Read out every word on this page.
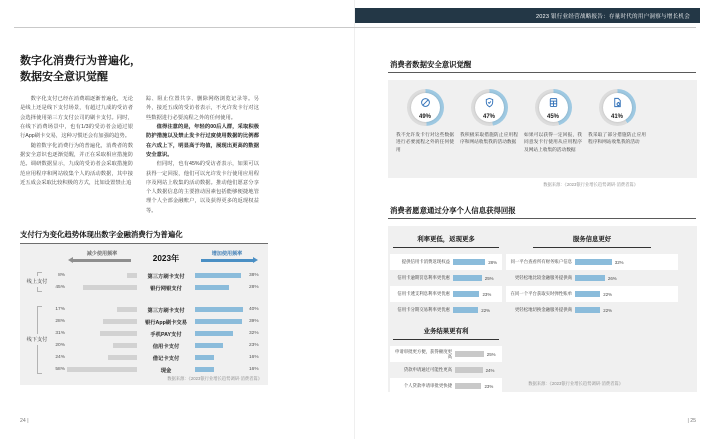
2023 银行业经营战略报告：存量时代的用户洞察与增长机会
数字化消费行为普遍化，
数据安全意识觉醒

数字化支付已经在消费端逐渐普遍化，无论是线上还是线下支付场景，有超过九成的受访者会选择使用第三方支付公司的刷卡支付。同时，在线下消费场景中，也有1/3的受访者会通过银行App刷卡交易，这种习惯还会有加强的趋势。

随着数字化消费行为的普遍化，消费者的数据安全意识也逐渐觉醒，并正在采取相应措施防范。调研数据显示，九成的受访者会采取措施防范应用程序和网站收集个人的活动数据，其中接近五成会采取比较积极的方式，比如设置禁止追

踪、阻止位置共享、删除网络浏览记录等。另外，接近五成的受访者表示，不允许发卡行对这些数据进行必要流程之外的任何使用。

值得注意的是，年轻的00后人群，采取积极防护措施以及禁止发卡行过度使用数据的比例都在六成上下，明显高于均值，展现出更高的数据安全意识。

但同时，也有45%的受访者表示，如果可以获得一定回报，他们可以允许发卡行使用应用程序及网站上收集的活动数据。推动他们愿意分享个人数据信息的主要推动因素包括能够便捷地管理个人全部金融账户，以及获得更多的返现权益等。

支付行为变化趋势体现出数字金融消费行为普遍化
减少使用频率	2023年	增加使用频率
线上支付
8%	第三方刷卡支付	38%
45%	银行网银支付	28%
线下支付
17%	第三方刷卡支付	40%
28%	银行App刷卡交易	39%
31%	手机PAY支付	32%
20%	信用卡支付	23%
24%	借记卡支付	16%
58%	现金	16%
数据来源：《2023银行业增长趋势调研·消费者篇》
24 |
消费者数据安全意识觉醒
49%
我不允许发卡行对这些数据进行必要流程之外的任何使用
47%
我积极采取措施防止应用程序和网站收集我的活动数据
45%
如果可以获得一定回报，我同意发卡行使用从应用程序及网站上收集的活动数据
41%
我采取了部分措施防止应用程序和网站收集我的活动
数据来源：《2023银行业增长趋势调研·消费者篇》
消费者愿意通过分享个人信息获得回报
利率更低，返现更多
提供信用卡消费返现权益	28%
信用卡逾期罚息利率更优惠	25%
信用卡透支利息利率更优惠	23%
信用卡分期交易利率更优惠	22%
服务信息更好
同一平台查看所有财务账户信息	32%
更轻松地比较金融服务提供商	26%
在同一个平台获取实时弹性账单	22%
更轻松地切换金融服务提供商	22%
业务结果更有利
申请审批更方便，获得额度更高	25%
贷款申请通过可能性更高	24%
个人贷款申请审批更快捷	23%	数据来源：《2023银行业增长趋势调研·消费者篇》
| 25
